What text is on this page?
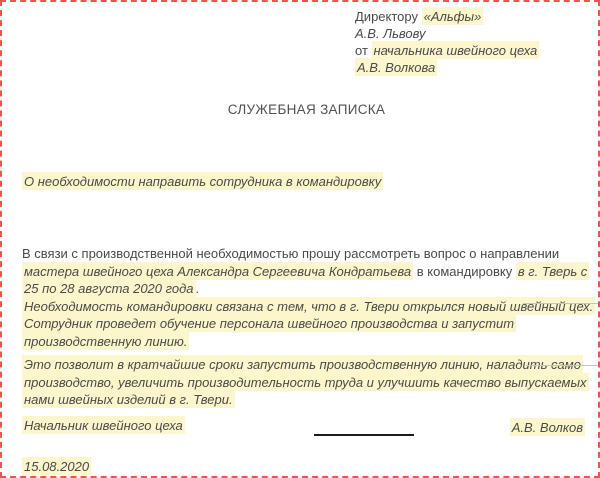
Директору «Альфы»
А.В. Львову
от начальника швейного цеха
А.В. Волкова
СЛУЖЕБНАЯ ЗАПИСКА
О необходимости направить сотрудника в командировку
В связи с производственной необходимостью прошу рассмотреть вопрос о направлении
мастера швейного цеха Александра Сергеевича Кондратьева в командировку в г. Тверь с
25 по 28 августа 2020 года .
Необходимость командировки связана с тем, что в г. Твери открылся новый швейный цех.
Сотрудник проведет обучение персонала швейного производства и запустит
производственную линию.
Это позволит в кратчайшие сроки запустить производственную линию, наладить само
производство, увеличить производительность труда и улучшить качество выпускаемых
нами швейных изделий в г. Твери.
Начальник швейного цеха	А.В. Волков
15.08.2020
